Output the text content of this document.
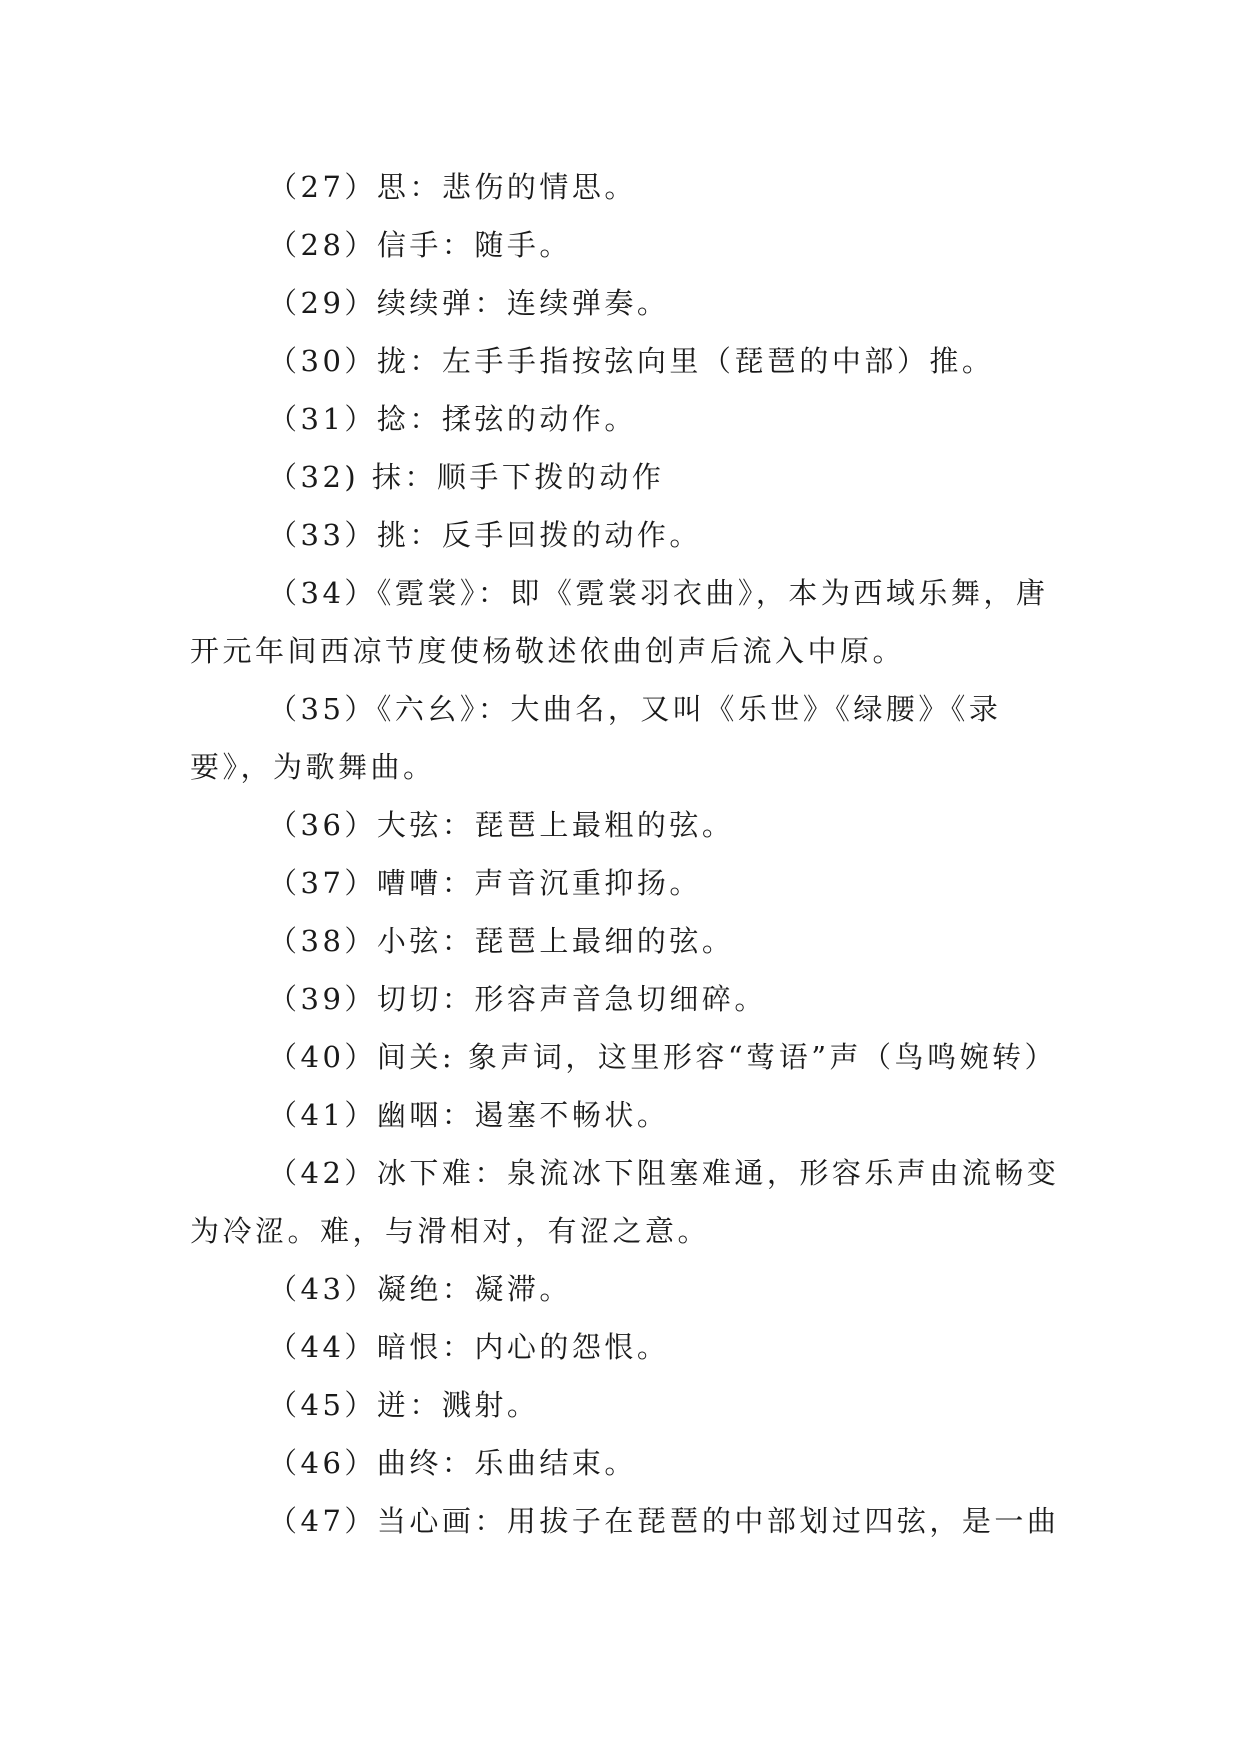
（27）思：悲伤的情思。

（28）信手：随手。

（29）续续弹：连续弹奏。

（30）拢：左手手指按弦向里（琵琶的中部）推。

（31）捻：揉弦的动作。

（32) 抹：顺手下拨的动作

（33）挑：反手回拨的动作。

（34）《霓裳》：即《霓裳羽衣曲》，本为西域乐舞，唐开元年间西凉节度使杨敬述依曲创声后流入中原。

（35）《六幺》：大曲名，又叫《乐世》《绿腰》《录要》，为歌舞曲。

（36）大弦：琵琶上最粗的弦。

（37）嘈嘈：声音沉重抑扬。

（38）小弦：琵琶上最细的弦。

（39）切切：形容声音急切细碎。

（40）间关: 象声词，这里形容“莺语”声（鸟鸣婉转）

（41）幽咽：遏塞不畅状。

（42）冰下难：泉流冰下阻塞难通，形容乐声由流畅变为冷涩。难，与滑相对，有涩之意。

（43）凝绝：凝滞。

（44）暗恨：内心的怨恨。

（45）迸：溅射。

（46）曲终：乐曲结束。

（47）当心画：用拔子在琵琶的中部划过四弦，是一曲
